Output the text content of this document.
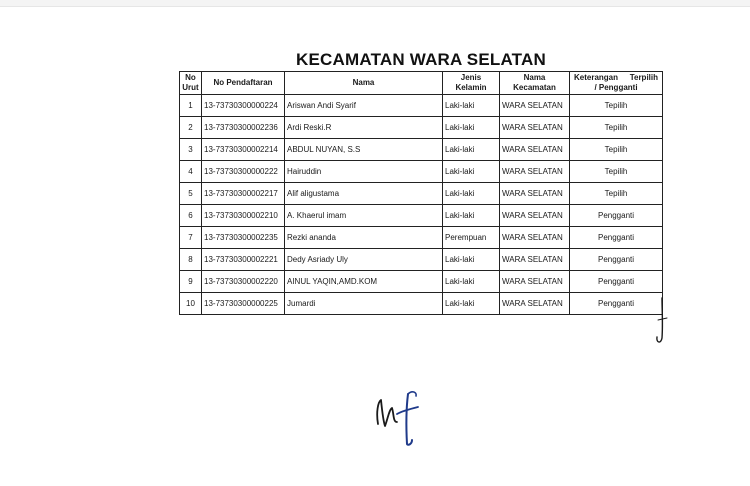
KECAMATAN WARA SELATAN
No Urut	No Pendaftaran	Nama	Jenis Kelamin	Nama Kecamatan	Keterangan Terpilih
/ Pengganti

1	13-73730300000224	Ariswan Andi Syarif	Laki-laki	WARA SELATAN	Tepilih
2	13-73730300002236	Ardi Reski.R	Laki-laki	WARA SELATAN	Tepilih
3	13-73730300002214	ABDUL NUYAN, S.S	Laki-laki	WARA SELATAN	Tepilih
4	13-73730300000222	Hairuddin	Laki-laki	WARA SELATAN	Tepilih
5	13-73730300002217	Alif aligustama	Laki-laki	WARA SELATAN	Tepilih
6	13-73730300002210	A. Khaerul imam	Laki-laki	WARA SELATAN	Pengganti
7	13-73730300002235	Rezki ananda	Perempuan	WARA SELATAN	Pengganti
8	13-73730300002221	Dedy Asriady Uly	Laki-laki	WARA SELATAN	Pengganti
9	13-73730300002220	AINUL YAQIN,AMD.KOM	Laki-laki	WARA SELATAN	Pengganti
10	13-73730300000225	Jumardi	Laki-laki	WARA SELATAN	Pengganti
